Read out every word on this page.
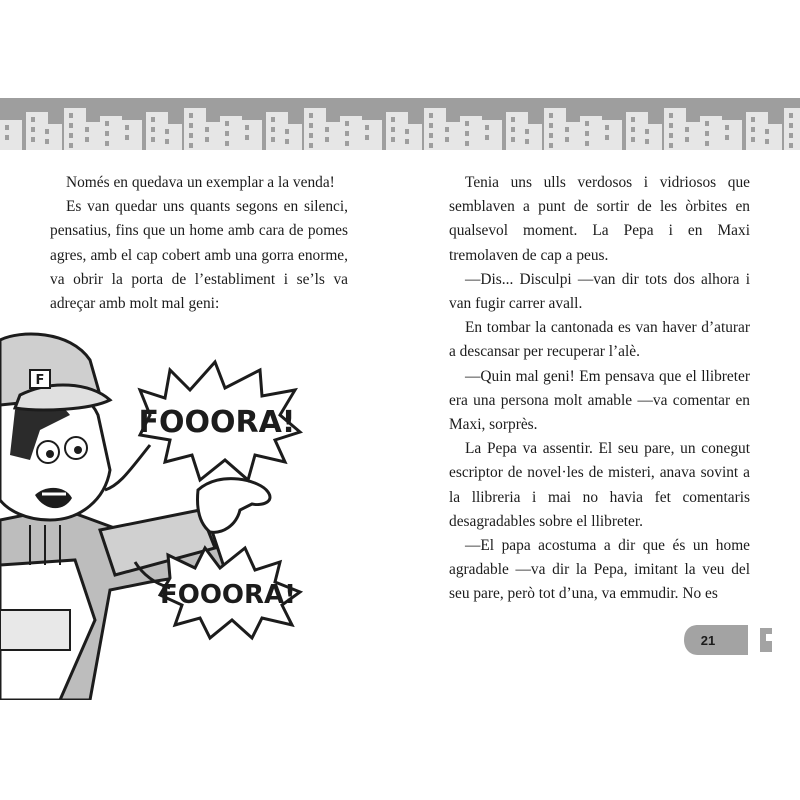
Només en quedava un exemplar a la venda!

Es van quedar uns quants segons en silenci, pensatius, fins que un home amb cara de pomes agres, amb el cap cobert amb una gorra enorme, va obrir la porta de l’establiment i se’ls va adreçar amb molt mal geni:

F
FOOORA!
FOOORA!

Tenia uns ulls verdosos i vidriosos que semblaven a punt de sortir de les òrbites en qualsevol moment. La Pepa i en Maxi tremolaven de cap a peus.

—Dis... Disculpi —van dir tots dos alhora i van fugir carrer avall.

En tombar la cantonada es van haver d’aturar a descansar per recuperar l’alè.

—Quin mal geni! Em pensava que el llibreter era una persona molt amable —va comentar en Maxi, sorprès.

La Pepa va assentir. El seu pare, un conegut escriptor de novel·les de misteri, anava sovint a la llibreria i mai no havia fet comentaris desagradables sobre el llibreter.

—El papa acostuma a dir que és un home agradable —va dir la Pepa, imitant la veu del seu pare, però tot d’una, va emmudir. No es

21
